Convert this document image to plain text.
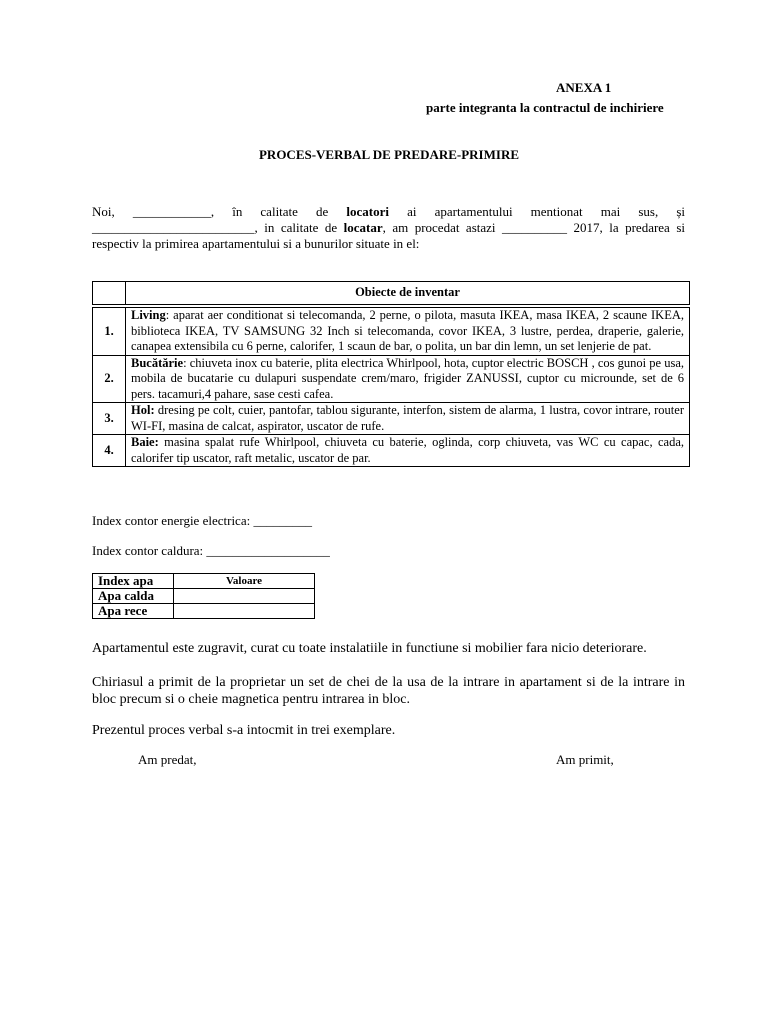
ANEXA 1
parte integranta la contractul de inchiriere
PROCES-VERBAL DE PREDARE-PRIMIRE
Noi, ____________, în calitate de locatori ai apartamentului mentionat mai sus, și
_________________________, in calitate de locatar, am procedat astazi __________ 2017, la predarea si
respectiv la primirea apartamentului si a bunurilor situate in el:
	Obiecte de inventar
1.	Living: aparat aer conditionat si telecomanda, 2 perne, o pilota, masuta IKEA, masa IKEA, 2 scaune IKEA, biblioteca IKEA, TV SAMSUNG 32 Inch si telecomanda, covor IKEA, 3 lustre, perdea, draperie, galerie, canapea extensibila cu 6 perne, calorifer, 1 scaun de bar, o polita, un bar din lemn, un set lenjerie de pat.
2.	Bucătărie: chiuveta inox cu baterie, plita electrica Whirlpool, hota, cuptor electric BOSCH , cos gunoi pe usa, mobila de bucatarie cu dulapuri suspendate crem/maro, frigider ZANUSSI, cuptor cu microunde, set de 6 pers. tacamuri,4 pahare, sase cesti cafea.
3.	Hol: dresing pe colt, cuier, pantofar, tablou sigurante, interfon, sistem de alarma, 1 lustra, covor intrare, router WI-FI, masina de calcat, aspirator, uscator de rufe.
4.	Baie: masina spalat rufe Whirlpool, chiuveta cu baterie, oglinda, corp chiuveta, vas WC cu capac, cada, calorifer tip uscator, raft metalic, uscator de par.
Index contor energie electrica: _________
Index contor caldura: ___________________
Index apa	Valoare
Apa calda	
Apa rece	
Apartamentul este zugravit, curat cu toate instalatiile in functiune si mobilier fara nicio deteriorare.
Chiriasul a primit de la proprietar un set de chei de la usa de la intrare in apartament si de la intrare in bloc precum si o cheie magnetica pentru intrarea in bloc.
Prezentul proces verbal s-a intocmit in trei exemplare.
Am predat,	Am primit,
